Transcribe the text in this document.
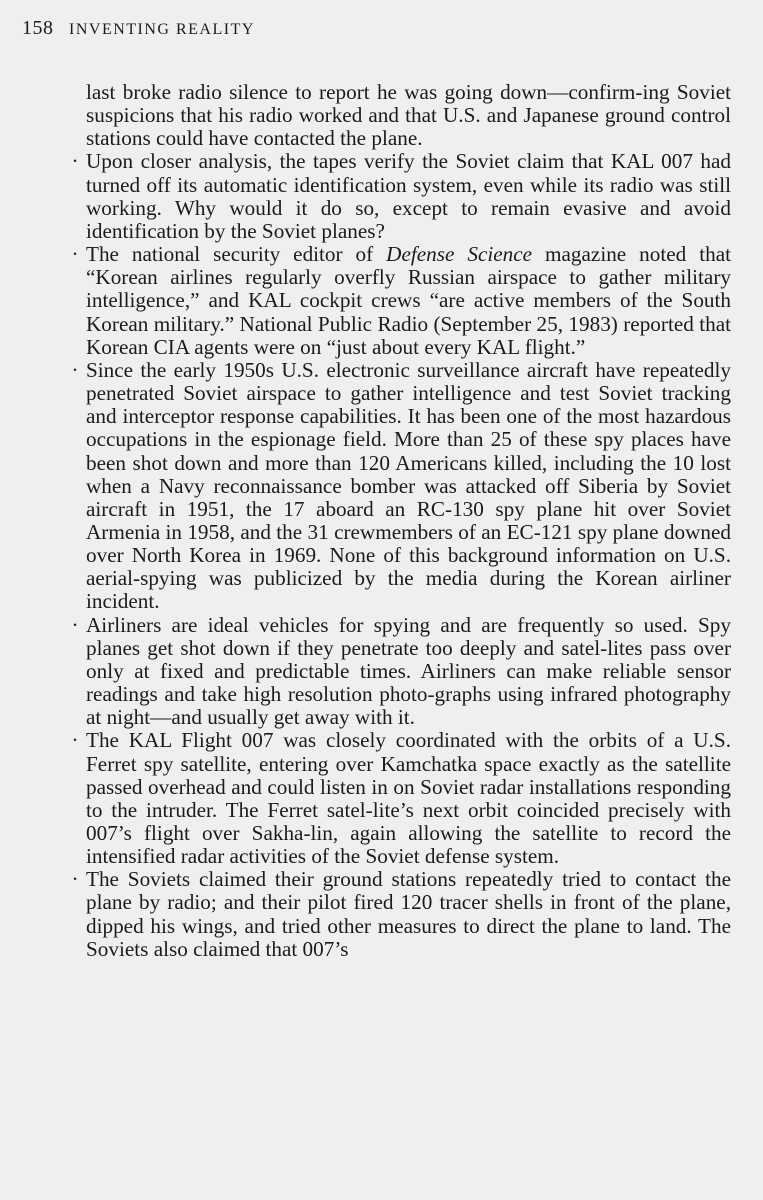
158 INVENTING REALITY

last broke radio silence to report he was going down—confirm-ing Soviet suspicions that his radio worked and that U.S. and Japanese ground control stations could have contacted the plane.

· Upon closer analysis, the tapes verify the Soviet claim that KAL 007 had turned off its automatic identification system, even while its radio was still working. Why would it do so, except to remain evasive and avoid identification by the Soviet planes?

· The national security editor of Defense Science magazine noted that “Korean airlines regularly overfly Russian airspace to gather military intelligence,” and KAL cockpit crews “are active members of the South Korean military.” National Public Radio (September 25, 1983) reported that Korean CIA agents were on “just about every KAL flight.”

· Since the early 1950s U.S. electronic surveillance aircraft have repeatedly penetrated Soviet airspace to gather intelligence and test Soviet tracking and interceptor response capabilities. It has been one of the most hazardous occupations in the espionage field. More than 25 of these spy places have been shot down and more than 120 Americans killed, including the 10 lost when a Navy reconnaissance bomber was attacked off Siberia by Soviet aircraft in 1951, the 17 aboard an RC-130 spy plane hit over Soviet Armenia in 1958, and the 31 crewmembers of an EC-121 spy plane downed over North Korea in 1969. None of this background information on U.S. aerial-spying was publicized by the media during the Korean airliner incident.

· Airliners are ideal vehicles for spying and are frequently so used. Spy planes get shot down if they penetrate too deeply and satel-lites pass over only at fixed and predictable times. Airliners can make reliable sensor readings and take high resolution photo-graphs using infrared photography at night—and usually get away with it.

· The KAL Flight 007 was closely coordinated with the orbits of a U.S. Ferret spy satellite, entering over Kamchatka space exactly as the satellite passed overhead and could listen in on Soviet radar installations responding to the intruder. The Ferret satel-lite’s next orbit coincided precisely with 007’s flight over Sakha-lin, again allowing the satellite to record the intensified radar activities of the Soviet defense system.

· The Soviets claimed their ground stations repeatedly tried to contact the plane by radio; and their pilot fired 120 tracer shells in front of the plane, dipped his wings, and tried other measures to direct the plane to land. The Soviets also claimed that 007’s
